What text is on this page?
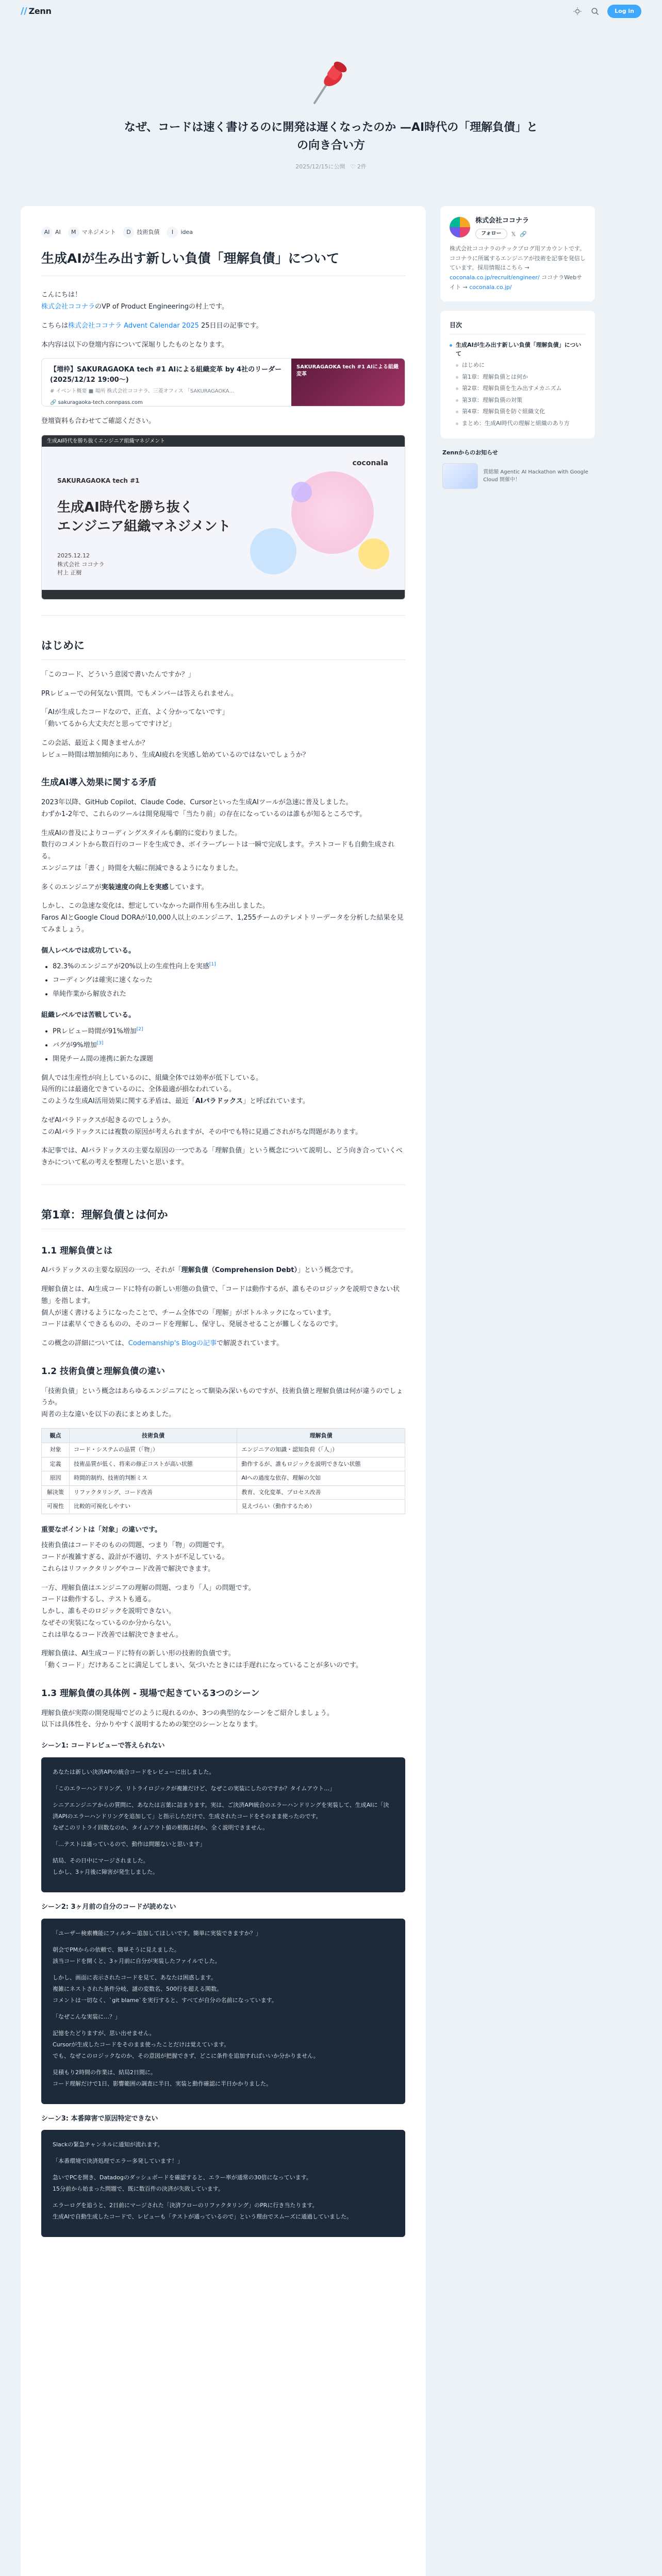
// Zenn	Log in
なぜ、コードは速く書けるのに開発は遅くなったのか —AI時代の「理解負債」との向き合い方
2025/12/15に公開 ♡ 2件
AI AI	M	マネジメント	D	技術負債	I	idea
生成AIが生み出す新しい負債「理解負債」について

こんにちは！
株式会社ココナラのVP of Product Engineeringの村上です。

こちらは株式会社ココナラ Advent Calendar 2025 25日目の記事です。

本内容は以下の登壇内容について深堀りしたものとなります。

【増枠】SAKURAGAOKA tech #1 AIによる組織変革 by 4社のリーダー (2025/12/12 19:00〜)
# イベント概要 ■ 場所 株式会社ココナラ、三菱オフィス 「SAKURAGAOKA…
🔗 sakuragaoka-tech.connpass.com
SAKURAGAOKA tech #1 AIによる組織変革

登壇資料も合わせてご確認ください。

生成AI時代を勝ち抜くエンジニア組織マネジメント
coconala
SAKURAGAOKA tech #1
生成AI時代を勝ち抜く
エンジニア組織マネジメント
2025.12.12
株式会社 ココナラ
村上 正樹
はじめに

「このコード、どういう意図で書いたんですか？」

PRレビューでの何気ない質問。でもメンバーは答えられません。

「AIが生成したコードなので、正直、よく分かってないです」
「動いてるから大丈夫だと思ってですけど」

この会話、最近よく聞きませんか？
レビュー時間は増加傾向にあり、生成AI疲れを実感し始めているのではないでしょうか？

生成AI導入効果に関する矛盾

2023年以降、GitHub Copilot、Claude Code、Cursorといった生成AIツールが急速に普及しました。
わずか1-2年で、これらのツールは開発現場で「当たり前」の存在になっているのは誰もが知るところです。

生成AIの普及によりコーディングスタイルも劇的に変わりました。
数行のコメントから数百行のコードを生成でき、ボイラープレートは一瞬で完成します。テストコードも自動生成される。
エンジニアは「書く」時間を大幅に削減できるようになりました。

多くのエンジニアが実装速度の向上を実感しています。

しかし、この急速な変化は、想定していなかった副作用も生み出しました。
Faros AIとGoogle Cloud DORAが10,000人以上のエンジニア、1,255チームのテレメトリーデータを分析した結果を見てみましょう。

個人レベルでは成功している。
• 82.3%のエンジニアが20%以上の生産性向上を実感[1]
• コーディングは確実に速くなった
• 単純作業から解放された
組織レベルでは苦戦している。
• PRレビュー時間が91%増加[2]
• バグが9%増加[3]
• 開発チーム間の連携に新たな課題

個人では生産性が向上しているのに、組織全体では効率が低下している。
局所的には最適化できているのに、全体最適が損なわれている。
このような生成AI活用効果に関する矛盾は、最近「AIパラドックス」と呼ばれています。

なぜAIパラドックスが起きるのでしょうか。
このAIパラドックスには複数の原因が考えられますが、その中でも特に見過ごされがちな問題があります。

本記事では、AIパラドックスの主要な原因の一つである「理解負債」という概念について説明し、どう向き合っていくべきかについて私の考えを整理したいと思います。

第1章：理解負債とは何か
1.1 理解負債とは

AIパラドックスの主要な原因の一つ、それが「理解負債（Comprehension Debt）」という概念です。

理解負債とは、AI生成コードに特有の新しい形態の負債で、「コードは動作するが、誰もそのロジックを説明できない状態」を指します。
個人が速く書けるようになったことで、チーム全体での「理解」がボトルネックになっています。
コードは素早くできるものの、そのコードを理解し、保守し、発展させることが難しくなるのです。

この概念の詳細については、Codemanship's Blogの記事で解説されています。

1.2 技術負債と理解負債の違い

「技術負債」という概念はあらゆるエンジニアにとって馴染み深いものですが、技術負債と理解負債は何が違うのでしょうか。
両者の主な違いを以下の表にまとめました。

観点	技術負債	理解負債
対象	コード・システムの品質（「物」）	エンジニアの知識・認知負荷（「人」）
定義	技術品質が低く、将来の修正コストが高い状態	動作するが、誰もロジックを説明できない状態
原因	時間的制約、技術的判断ミス	AIへの過度な依存、理解の欠如
解決策	リファクタリング、コード改善	教育、文化変革、プロセス改善
可視性	比較的可視化しやすい	見えづらい（動作するため）
重要なポイントは「対象」の違いです。

技術負債はコードそのものの問題、つまり「物」の問題です。
コードが複雑すぎる、設計が不適切、テストが不足している。
これらはリファクタリングやコード改善で解決できます。

一方、理解負債はエンジニアの理解の問題、つまり「人」の問題です。
コードは動作するし、テストも通る。
しかし、誰もそのロジックを説明できない。
なぜその実装になっているのか分からない。
これは単なるコード改善では解決できません。

理解負債は、AI生成コードに特有の新しい形の技術的負債です。
「動くコード」だけあることに満足してしまい、気づいたときには手遅れになっていることが多いのです。

1.3 理解負債の具体例 - 現場で起きている3つのシーン

理解負債が実際の開発現場でどのように現れるのか、3つの典型的なシーンをご紹介しましょう。
以下は具体性を、分かりやすく説明するための架空のシーンとなります。

シーン1: コードレビューで答えられない

あなたは新しい決済APIの統合コードをレビューに出しました。

「このエラーハンドリング、リトライロジックが複雑だけど、なぜこの実装にしたのですか？タイムアウト…」

シニアエンジニアからの質問に、あなたは言葉に詰まります。実は、ご決済API統合のエラーハンドリングを実装して、生成AIに「決済APIのエラーハンドリングを追加して」と指示しただけで、生成されたコードをそのまま使ったのです。
なぜこのリトライ回数なのか、タイムアウト値の根拠は何か、全く説明できません。

「…テストは通っているので、動作は問題ないと思います」

結局、その日中にマージされました。
しかし、3ヶ月後に障害が発生しました。

シーン2: 3ヶ月前の自分のコードが読めない

「ユーザー検索機能にフィルター追加してほしいです。簡単に実装できますか？」

朝会でPMからの依頼で、簡単そうに見えました。
該当コードを開くと、3ヶ月前に自分が実装したファイルでした。

しかし、画面に表示されたコードを見て、あなたは困惑します。
複雑にネストされた条件分岐、謎の変数名、500行を超える関数。
コメントは一切なく、`git blame`を実行すると、すべてが自分の名前になっています。

「なぜこんな実装に…？」

記憶をたどりますが、思い出せません。
Cursorが生成したコードをそのまま使ったことだけは覚えています。
でも、なぜこのロジックなのか、その意図が把握できず、どこに条件を追加すればいいか分かりません。

見積もり2時間の作業は、結局2日間に。
コード理解だけで1日、影響範囲の調査に半日、実装と動作確認に半日かかりました。

シーン3: 本番障害で原因特定できない

Slackの緊急チャンネルに通知が流れます。

「本番環境で決済処理でエラー多発しています！」

急いでPCを開き、Datadogのダッシュボードを確認すると、エラー率が通常の30倍になっています。
15分前から始まった問題で、既に数百件の決済が失敗しています。

エラーログを追うと、2日前にマージされた「決済フローのリファクタリング」のPRに行き当たります。
生成AIで自動生成したコードで、レビューも「テストが通っているので」という理由でスムーズに通過していました。

株式会社ココナラ
フォロー	𝕏 🔗
株式会社ココナラのテックブログ用アカウントです。ココナラに所属するエンジニアが技術を記事を発信しています。採用情報はこちら → coconala.co.jp/recruit/engineer/ ココナラWebサイト → coconala.co.jp/
目次
生成AIが生み出す新しい負債「理解負債」について
はじめに
第1章：理解負債とは何か
第2章：理解負債を生み出すメカニズム
第3章：理解負債の対策
第4章：理解負債を防ぐ組織文化
まとめ：生成AI時代の理解と組織のあり方
Zennからのお知らせ
賞総額 Agentic AI Hackathon with Google Cloud 開催中！
